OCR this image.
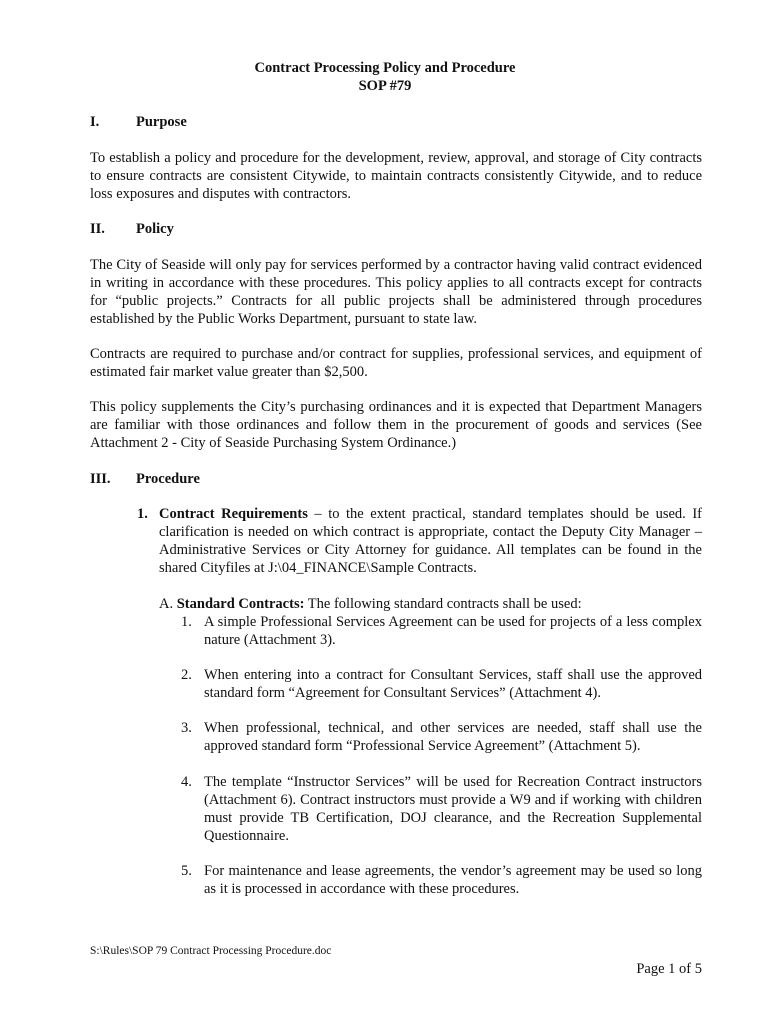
Contract Processing Policy and Procedure
SOP #79
I.	Purpose

To establish a policy and procedure for the development, review, approval, and storage of City contracts to ensure contracts are consistent Citywide, to maintain contracts consistently Citywide, and to reduce loss exposures and disputes with contractors.

II. Policy

The City of Seaside will only pay for services performed by a contractor having valid contract evidenced in writing in accordance with these procedures. This policy applies to all contracts except for contracts for “public projects.” Contracts for all public projects shall be administered through procedures established by the Public Works Department, pursuant to state law.

Contracts are required to purchase and/or contract for supplies, professional services, and equipment of estimated fair market value greater than $2,500.

This policy supplements the City’s purchasing ordinances and it is expected that Department Managers are familiar with those ordinances and follow them in the procurement of goods and services (See Attachment 2 - City of Seaside Purchasing System Ordinance.)

III. Procedure
1. Contract Requirements – to the extent practical, standard templates should be used. If clarification is needed on which contract is appropriate, contact the Deputy City Manager – Administrative Services or City Attorney for guidance. All templates can be found in the shared Cityfiles at J:\04_FINANCE\Sample Contracts.
A. Standard Contracts: The following standard contracts shall be used:
1. A simple Professional Services Agreement can be used for projects of a less complex nature (Attachment 3).
2. When entering into a contract for Consultant Services, staff shall use the approved standard form “Agreement for Consultant Services” (Attachment 4).
3. When professional, technical, and other services are needed, staff shall use the approved standard form “Professional Service Agreement” (Attachment 5).
4. The template “Instructor Services” will be used for Recreation Contract instructors (Attachment 6). Contract instructors must provide a W9 and if working with children must provide TB Certification, DOJ clearance, and the Recreation Supplemental Questionnaire.
5. For maintenance and lease agreements, the vendor’s agreement may be used so long as it is processed in accordance with these procedures.
S:\Rules\SOP 79 Contract Processing Procedure.doc
Page 1 of 5
